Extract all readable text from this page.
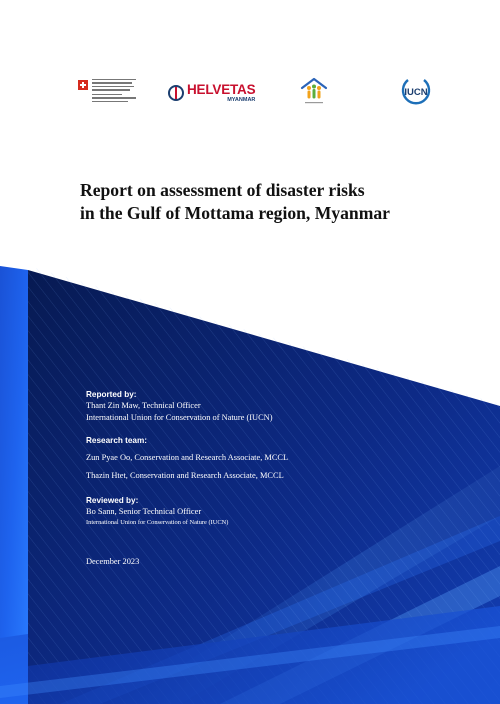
HELVETAS
MYANMAR
IUCN
Report on assessment of disaster risks
in the Gulf of Mottama region, Myanmar
Reported by:
Thant Zin Maw, Technical Officer
International Union for Conservation of Nature (IUCN)
Research team:
Zun Pyae Oo, Conservation and Research Associate, MCCL
Thazin Htet, Conservation and Research Associate, MCCL
Reviewed by:
Bo Sann, Senior Technical Officer
International Union for Conservation of Nature (IUCN)
December 2023
